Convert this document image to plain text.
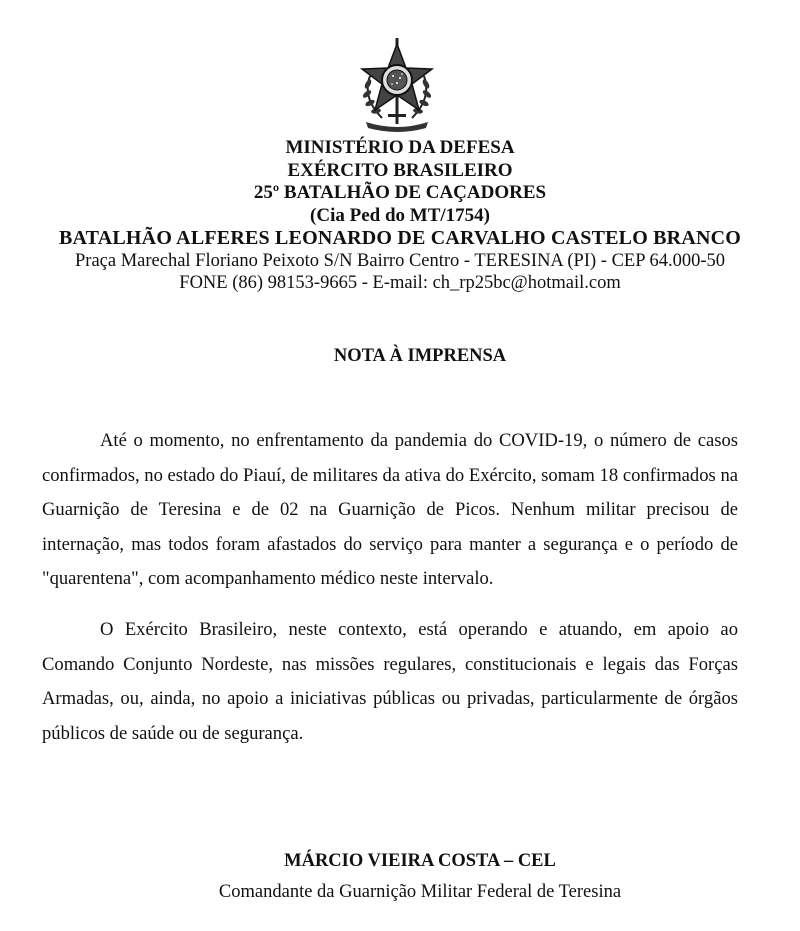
MINISTÉRIO DA DEFESA
EXÉRCITO BRASILEIRO
25º BATALHÃO DE CAÇADORES
(Cia Ped do MT/1754)
BATALHÃO ALFERES LEONARDO DE CARVALHO CASTELO BRANCO
Praça Marechal Floriano Peixoto S/N Bairro Centro - TERESINA (PI) - CEP 64.000-50
FONE (86) 98153-9665 - E-mail: ch_rp25bc@hotmail.com
NOTA À IMPRENSA

Até o momento, no enfrentamento da pandemia do COVID-19, o número de casos confirmados, no estado do Piauí, de militares da ativa do Exército, somam 18 confirmados na Guarnição de Teresina e de 02 na Guarnição de Picos. Nenhum militar precisou de internação, mas todos foram afastados do serviço para manter a segurança e o período de "quarentena", com acompanhamento médico neste intervalo.

O Exército Brasileiro, neste contexto, está operando e atuando, em apoio ao Comando Conjunto Nordeste, nas missões regulares, constitucionais e legais das Forças Armadas, ou, ainda, no apoio a iniciativas públicas ou privadas, particularmente de órgãos públicos de saúde ou de segurança.

MÁRCIO VIEIRA COSTA – CEL
Comandante da Guarnição Militar Federal de Teresina
